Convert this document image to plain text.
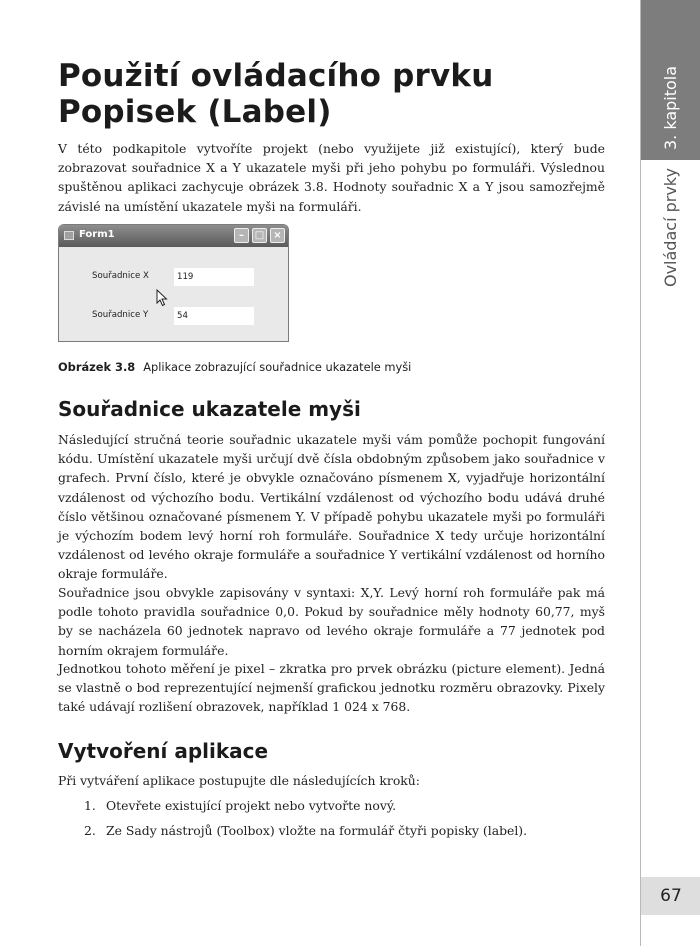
3. kapitola
Ovládací prvky
67
Použití ovládacího prvku Popisek (Label)

V této podkapitole vytvoříte projekt (nebo využijete již existující), který bude zobrazovat souřadnice X a Y ukazatele myši při jeho pohybu po formuláři. Výslednou spuštěnou aplikaci zachycuje obrázek 3.8. Hodnoty souřadnic X a Y jsou samozřejmě závislé na umístění ukazatele myši na formuláři.

Form1	–	□ ×
Souřadnice X	119
Souřadnice Y	54
Obrázek 3.8 Aplikace zobrazující souřadnice ukazatele myši
Souřadnice ukazatele myši

Následující stručná teorie souřadnic ukazatele myši vám pomůže pochopit fungování kódu. Umístění ukazatele myši určují dvě čísla obdobným způsobem jako souřadnice v grafech. První číslo, které je obvykle označováno písmenem X, vyjadřuje horizontální vzdálenost od výchozího bodu. Vertikální vzdálenost od výchozího bodu udává druhé číslo většinou označované písmenem Y. V případě pohybu ukazatele myši po formuláři je výchozím bodem levý horní roh formuláře. Souřadnice X tedy určuje horizontální vzdálenost od levého okraje formuláře a souřadnice Y vertikální vzdálenost od horního okraje formuláře.

Souřadnice jsou obvykle zapisovány v syntaxi: X,Y. Levý horní roh formuláře pak má podle tohoto pravidla souřadnice 0,0. Pokud by souřadnice měly hodnoty 60,77, myš by se nacházela 60 jednotek napravo od levého okraje formuláře a 77 jednotek pod horním okrajem formuláře.

Jednotkou tohoto měření je pixel – zkratka pro prvek obrázku (picture element). Jedná se vlastně o bod reprezentující nejmenší grafickou jednotku rozměru obrazovky. Pixely také udávají rozlišení obrazovek, například 1 024 x 768.

Vytvoření aplikace

Při vytváření aplikace postupujte dle následujících kroků:

1. Otevřete existující projekt nebo vytvořte nový.
2. Ze Sady nástrojů (Toolbox) vložte na formulář čtyři popisky (label).
